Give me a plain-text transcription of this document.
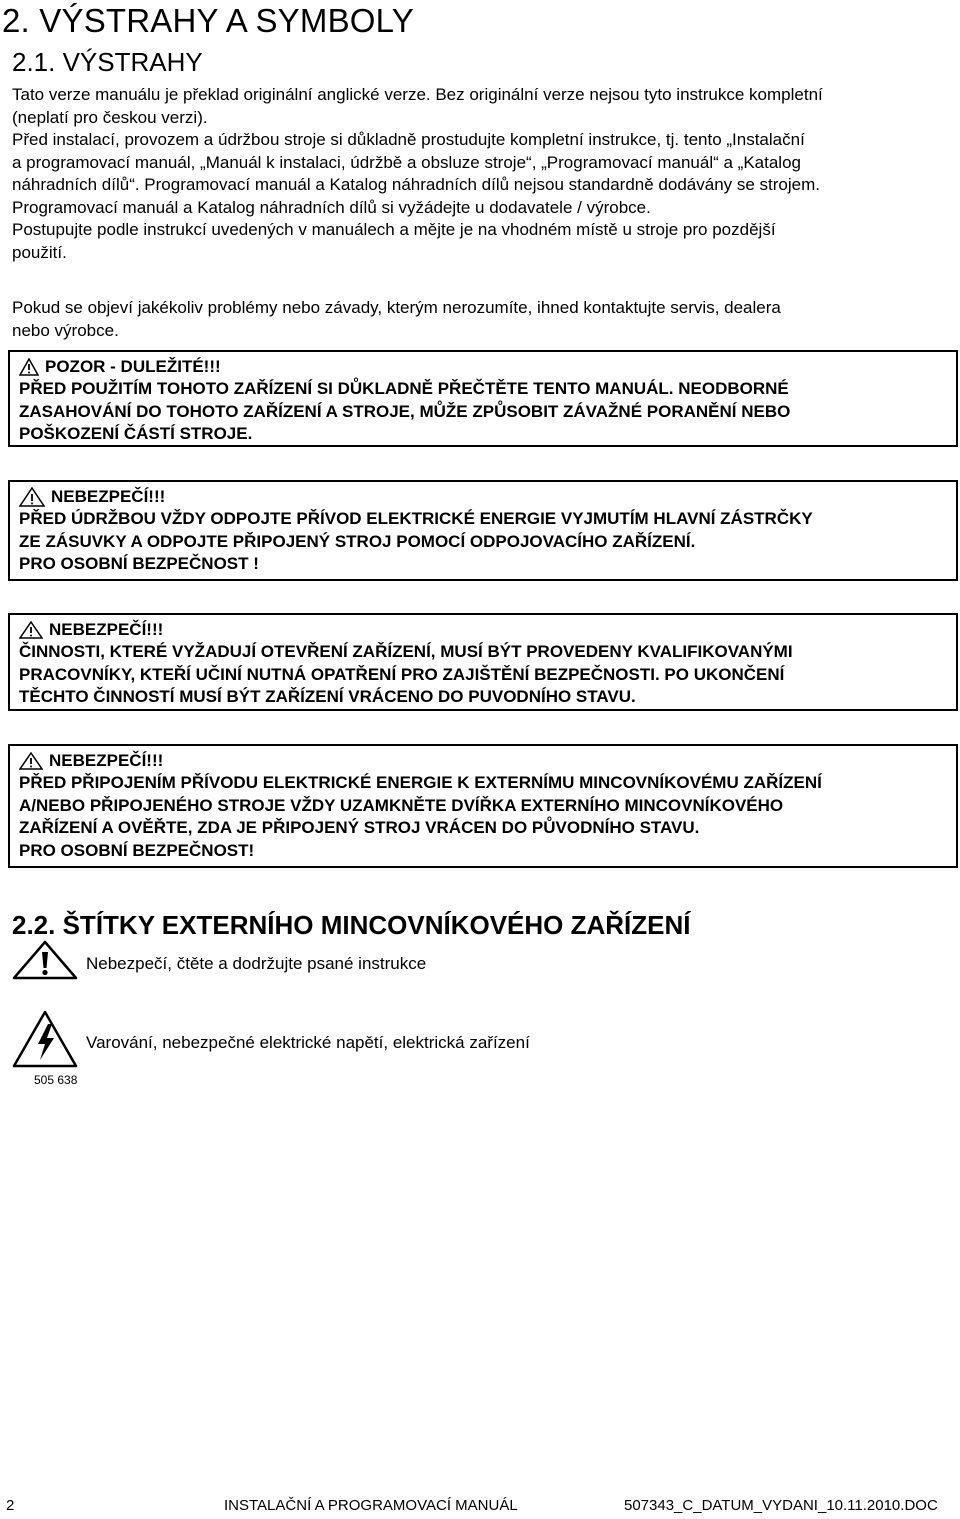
2. VÝSTRAHY A SYMBOLY
2.1. VÝSTRAHY

Tato verze manuálu je překlad originální anglické verze. Bez originální verze nejsou tyto instrukce kompletní
(neplatí pro českou verzi).
Před instalací, provozem a údržbou stroje si důkladně prostudujte kompletní instrukce, tj. tento „Instalační
a programovací manuál, „Manuál k instalaci, údržbě a obsluze stroje“, „Programovací manuál“ a „Katalog
náhradních dílů“. Programovací manuál a Katalog náhradních dílů nejsou standardně dodávány se strojem.
Programovací manuál a Katalog náhradních dílů si vyžádejte u dodavatele / výrobce.
Postupujte podle instrukcí uvedených v manuálech a mějte je na vhodném místě u stroje pro pozdější
použití.

Pokud se objeví jakékoliv problémy nebo závady, kterým nerozumíte, ihned kontaktujte servis, dealera
nebo výrobce.

POZOR - DULEŽITÉ!!!

PŘED POUŽITÍM TOHOTO ZAŘÍZENÍ SI DŮKLADNĚ PŘEČTĚTE TENTO MANUÁL. NEODBORNÉ
ZASAHOVÁNÍ DO TOHOTO ZAŘÍZENÍ A STROJE, MŮŽE ZPŮSOBIT ZÁVAŽNÉ PORANĚNÍ NEBO
POŠKOZENÍ ČÁSTÍ STROJE.

NEBEZPEČÍ!!!

PŘED ÚDRŽBOU VŽDY ODPOJTE PŘÍVOD ELEKTRICKÉ ENERGIE VYJMUTÍM HLAVNÍ ZÁSTRČKY
ZE ZÁSUVKY A ODPOJTE PŘIPOJENÝ STROJ POMOCÍ ODPOJOVACÍHO ZAŘÍZENÍ.
PRO OSOBNÍ BEZPEČNOST !

NEBEZPEČÍ!!!

ČINNOSTI, KTERÉ VYŽADUJÍ OTEVŘENÍ ZAŘÍZENÍ, MUSÍ BÝT PROVEDENY KVALIFIKOVANÝMI
PRACOVNÍKY, KTEŘÍ UČINÍ NUTNÁ OPATŘENÍ PRO ZAJIŠTĚNÍ BEZPEČNOSTI. PO UKONČENÍ
TĚCHTO ČINNOSTÍ MUSÍ BÝT ZAŘÍZENÍ VRÁCENO DO PUVODNÍHO STAVU.

NEBEZPEČÍ!!!

PŘED PŘIPOJENÍM PŘÍVODU ELEKTRICKÉ ENERGIE K EXTERNÍMU MINCOVNÍKOVÉMU ZAŘÍZENÍ
A/NEBO PŘIPOJENÉHO STROJE VŽDY UZAMKNĚTE DVÍŘKA EXTERNÍHO MINCOVNÍKOVÉHO
ZAŘÍZENÍ A OVĚŘTE, ZDA JE PŘIPOJENÝ STROJ VRÁCEN DO PŮVODNÍHO STAVU.
PRO OSOBNÍ BEZPEČNOST!

2.2. ŠTÍTKY EXTERNÍHO MINCOVNÍKOVÉHO ZAŘÍZENÍ
Nebezpečí, čtěte a dodržujte psané instrukce
Varování, nebezpečné elektrické napětí, elektrická zařízení
505 638
2	INSTALAČNÍ A PROGRAMOVACÍ MANUÁL	507343_C_DATUM_VYDANI_10.11.2010.DOC
